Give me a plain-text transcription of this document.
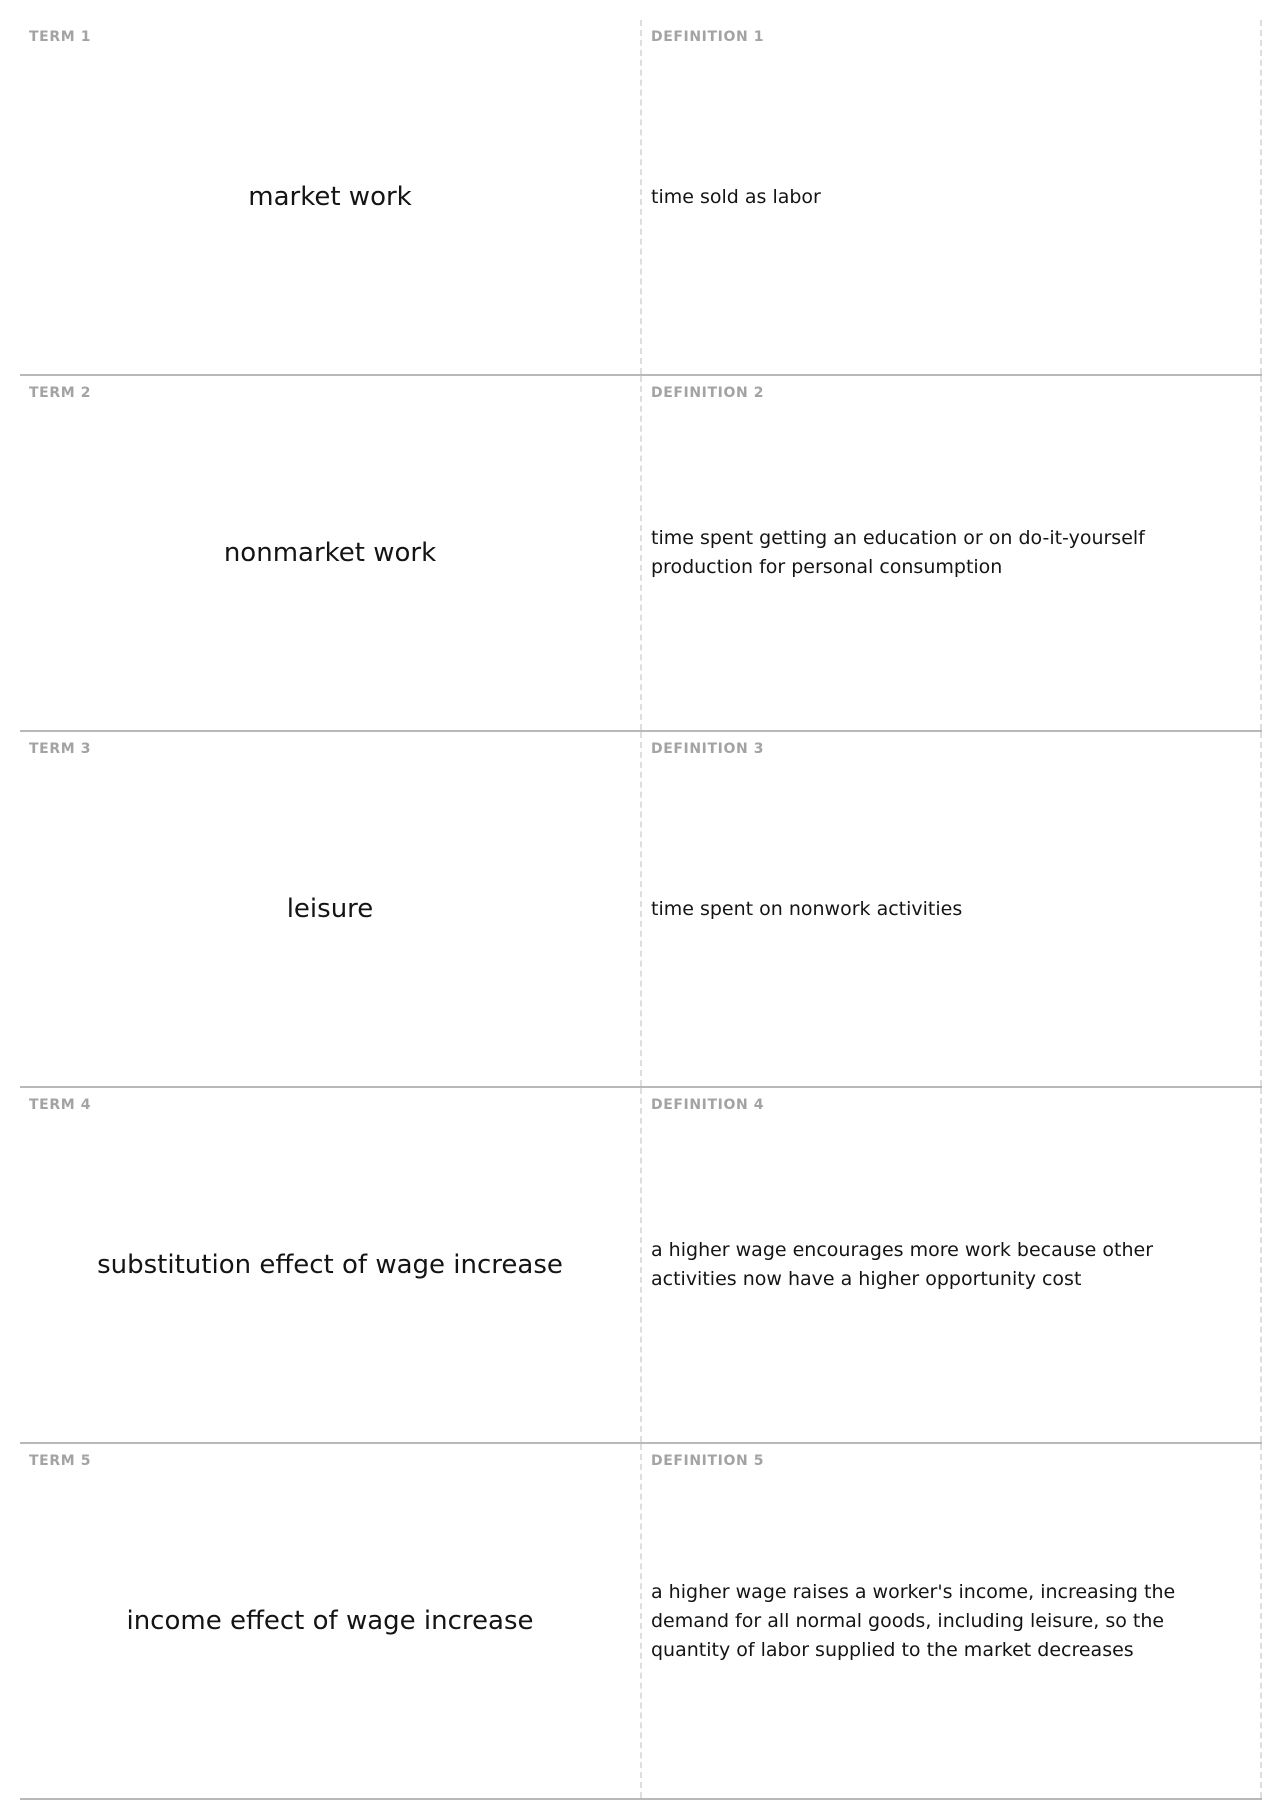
TERM 1
market work
DEFINITION 1
time sold as labor
TERM 2
nonmarket work
DEFINITION 2
time spent getting an education or on do-it-yourself production for personal consumption
TERM 3
leisure
DEFINITION 3
time spent on nonwork activities
TERM 4
substitution effect of wage increase
DEFINITION 4
a higher wage encourages more work because other activities now have a higher opportunity cost
TERM 5
income effect of wage increase
DEFINITION 5
a higher wage raises a worker's income, increasing the demand for all normal goods, including leisure, so the quantity of labor supplied to the market decreases
